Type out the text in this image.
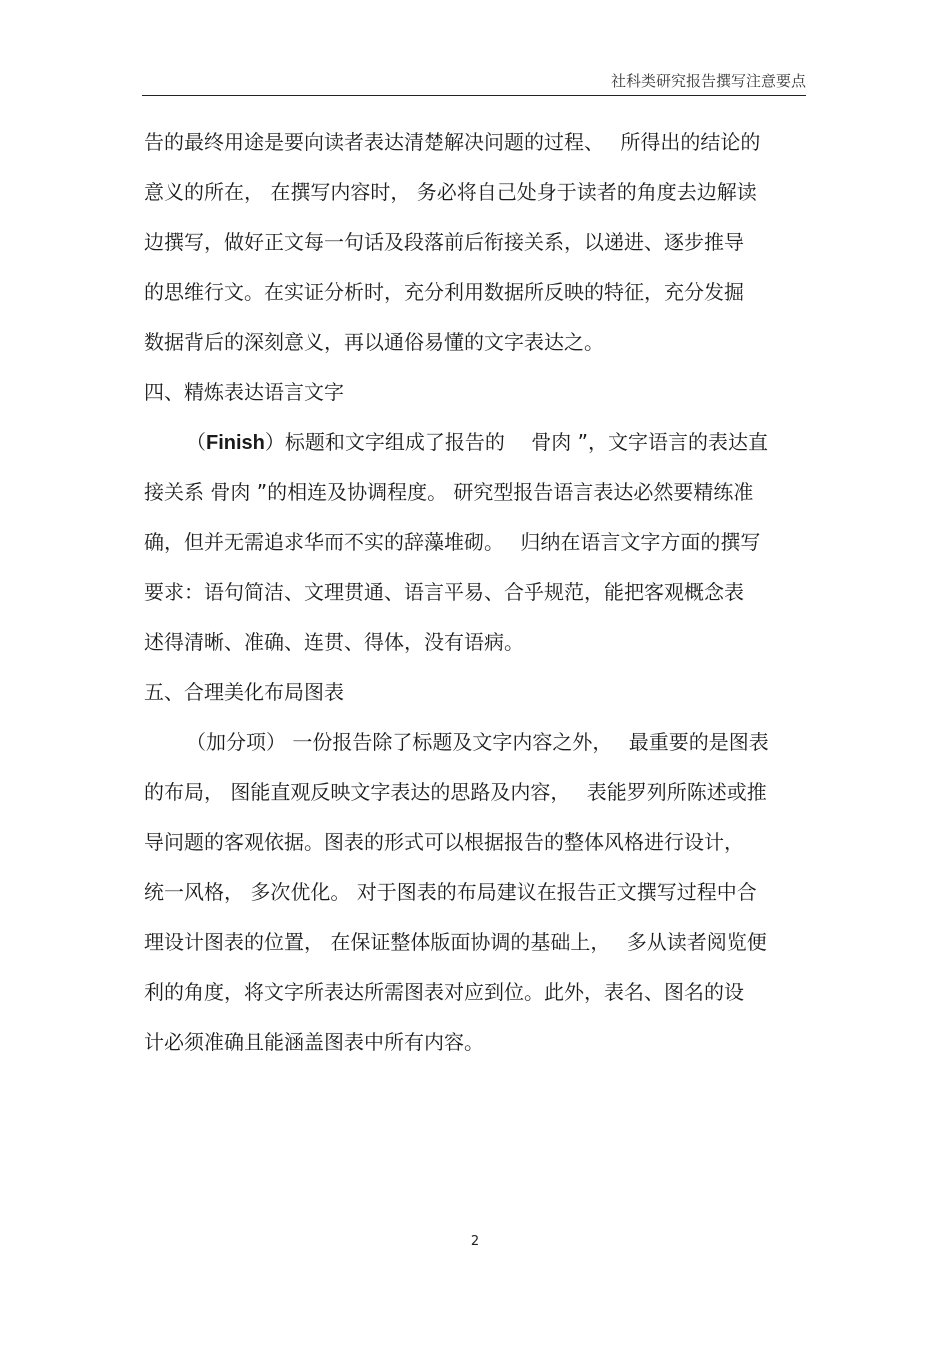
社科类研究报告撰写注意要点
告的最终用途是要向读者表达清楚解决问题的过程、　 所得出的结论的
意义的所在， 在撰写内容时， 务必将自己处身于读者的角度去边解读
边撰写，做好正文每一句话及段落前后衔接关系，以递进、逐步推导
的思维行文。在实证分析时，充分利用数据所反映的特征，充分发掘
数据背后的深刻意义，再以通俗易懂的文字表达之。
四、精炼表达语言文字
（Finish）标题和文字组成了报告的　 骨肉 ”，文字语言的表达直
接关系 骨肉 ”的相连及协调程度。 研究型报告语言表达必然要精练准
确，但并无需追求华而不实的辞藻堆砌。　 归纳在语言文字方面的撰写
要求：语句简洁、文理贯通、语言平易、合乎规范，能把客观概念表
述得清晰、准确、连贯、得体，没有语病。
五、合理美化布局图表
（加分项） 一份报告除了标题及文字内容之外，　 最重要的是图表
的布局， 图能直观反映文字表达的思路及内容，　 表能罗列所陈述或推
导问题的客观依据。图表的形式可以根据报告的整体风格进行设计，
统一风格， 多次优化。 对于图表的布局建议在报告正文撰写过程中合
理设计图表的位置， 在保证整体版面协调的基础上，　 多从读者阅览便
利的角度，将文字所表达所需图表对应到位。此外，表名、图名的设
计必须准确且能涵盖图表中所有内容。
2
